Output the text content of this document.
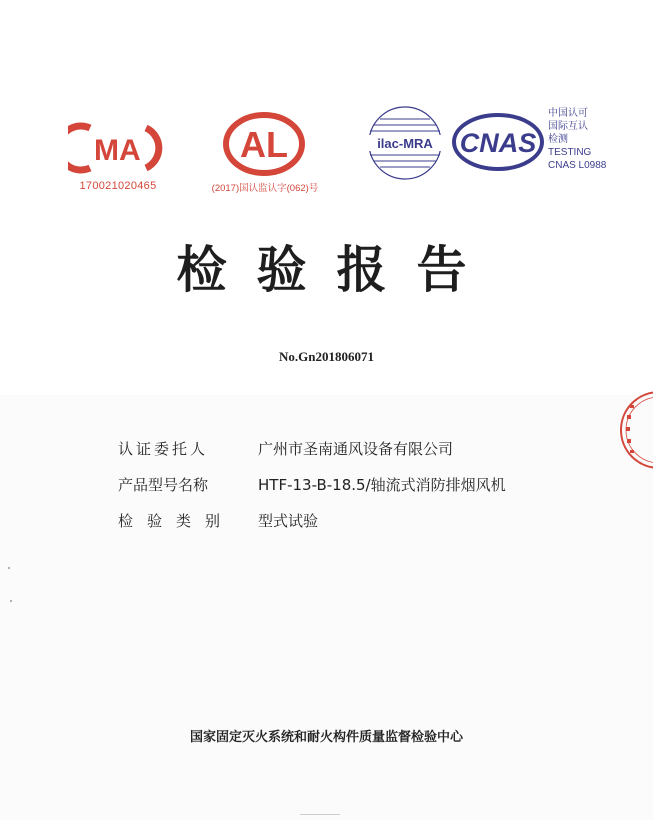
MA
170021020465
AL
(2017)国认监认字(062)号
ilac-MRA CNAS
中国认可
国际互认
检测
TESTING
CNAS L0988
检验报告
No.Gn201806071
认证委托人	广州市圣南通风设备有限公司
产品型号名称	HTF-13-B-18.5/轴流式消防排烟风机
检验类别	型式试验
国家固定灭火系统和耐火构件质量监督检验中心
